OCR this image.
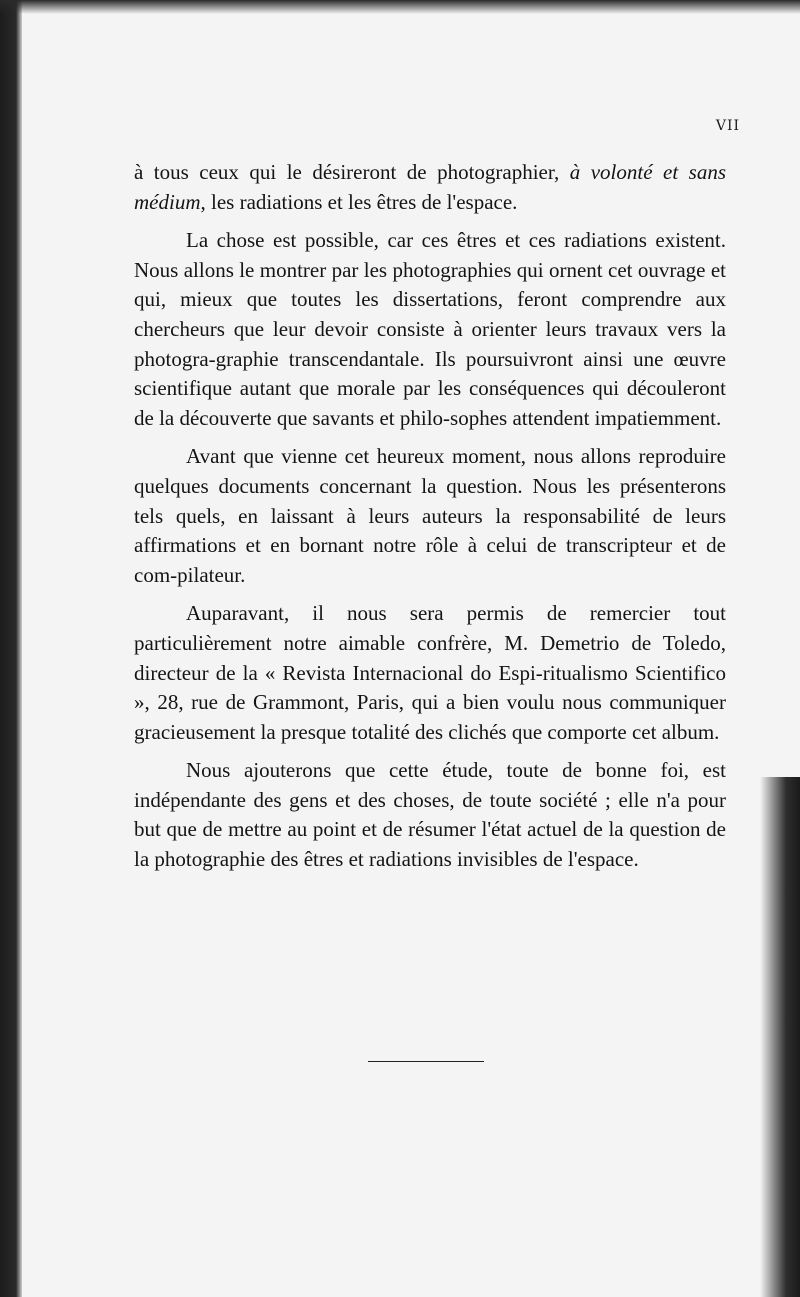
VII

à tous ceux qui le désireront de photographier, à volonté et sans médium, les radiations et les êtres de l'espace.

La chose est possible, car ces êtres et ces radiations existent. Nous allons le montrer par les photographies qui ornent cet ouvrage et qui, mieux que toutes les dissertations, feront comprendre aux chercheurs que leur devoir consiste à orienter leurs travaux vers la photogra-graphie transcendantale. Ils poursuivront ainsi une œuvre scientifique autant que morale par les conséquences qui découleront de la découverte que savants et philo-sophes attendent impatiemment.

Avant que vienne cet heureux moment, nous allons reproduire quelques documents concernant la question. Nous les présenterons tels quels, en laissant à leurs auteurs la responsabilité de leurs affirmations et en bornant notre rôle à celui de transcripteur et de com-pilateur.

Auparavant, il nous sera permis de remercier tout particulièrement notre aimable confrère, M. Demetrio de Toledo, directeur de la « Revista Internacional do Espi-ritualismo Scientifico », 28, rue de Grammont, Paris, qui a bien voulu nous communiquer gracieusement la presque totalité des clichés que comporte cet album.

Nous ajouterons que cette étude, toute de bonne foi, est indépendante des gens et des choses, de toute société ; elle n'a pour but que de mettre au point et de résumer l'état actuel de la question de la photographie des êtres et radiations invisibles de l'espace.
